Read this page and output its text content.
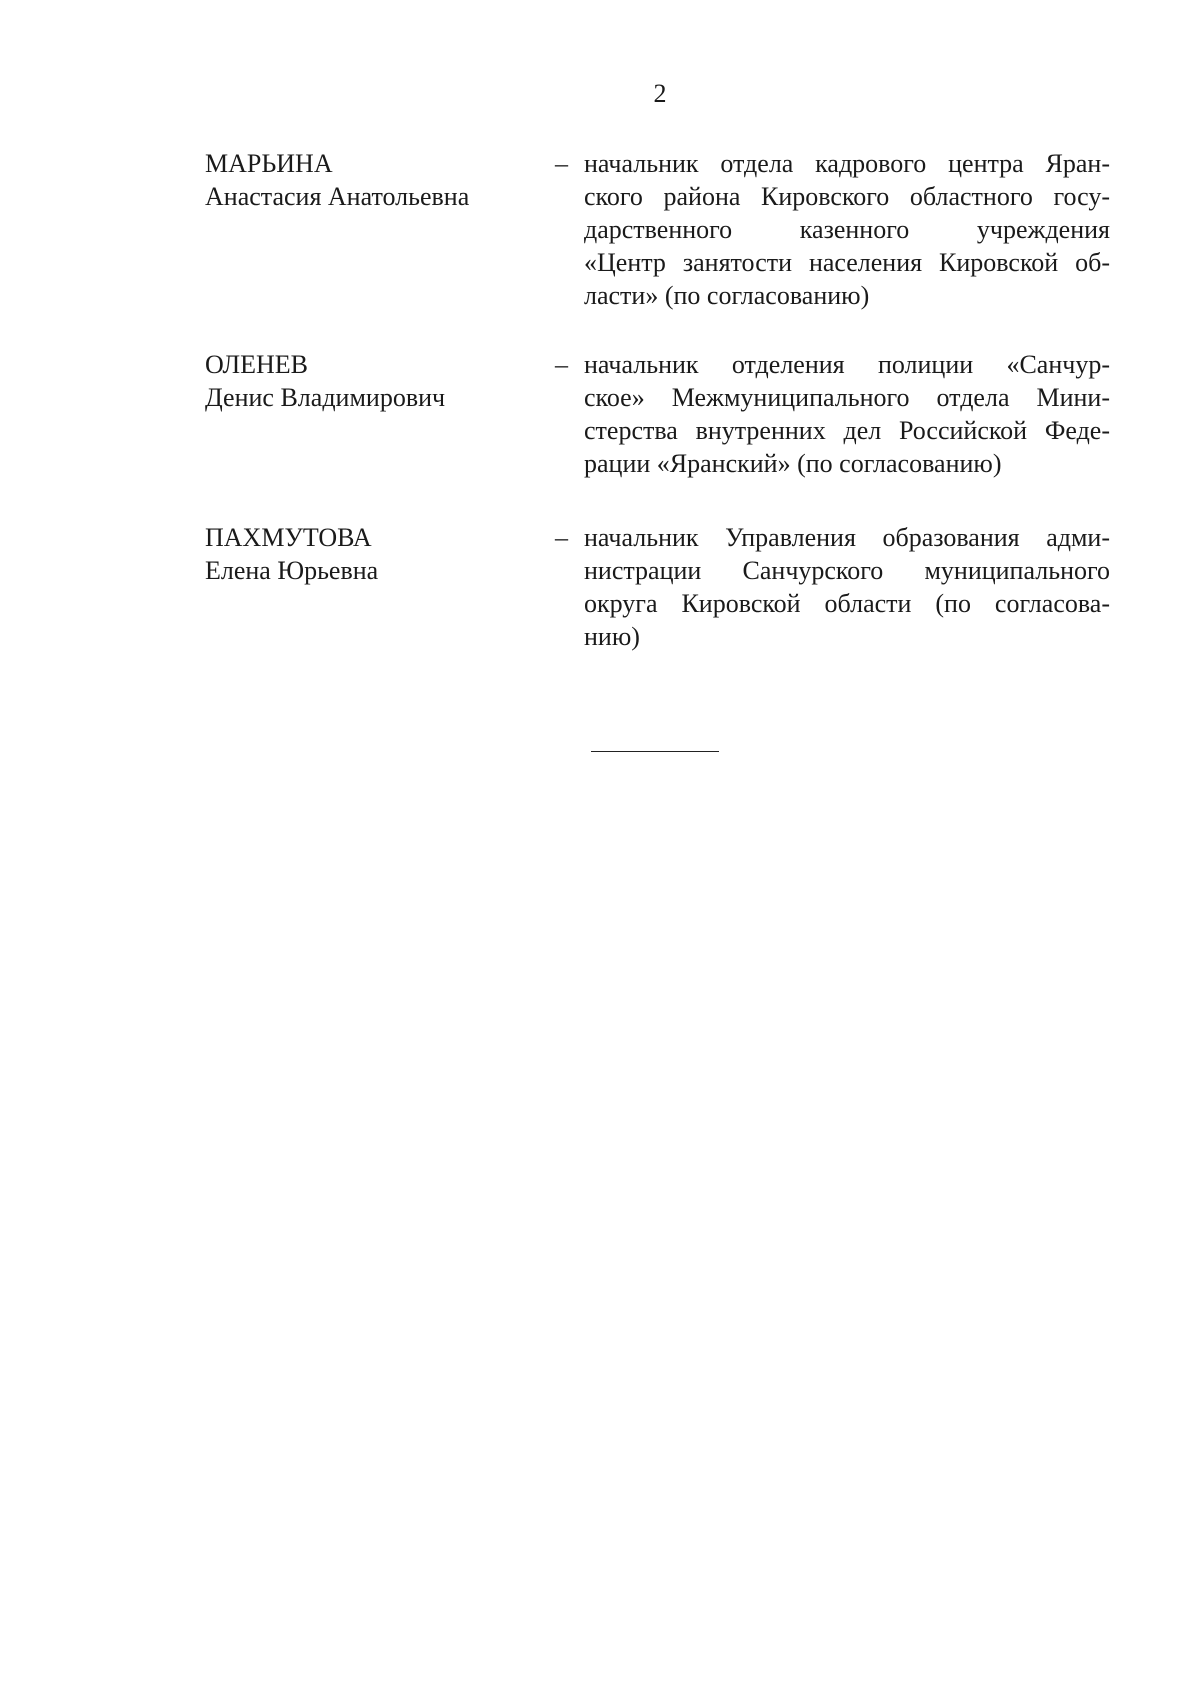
2
МАРЬИНА
Анастасия Анатольевна
– начальник отдела кадрового центра Яран-
ского района Кировского областного госу-
дарственного казенного учреждения
«Центр занятости населения Кировской об-
ласти» (по согласованию)
ОЛЕНЕВ
Денис Владимирович
– начальник отделения полиции «Санчур-
ское» Межмуниципального отдела Мини-
стерства внутренних дел Российской Феде-
рации «Яранский» (по согласованию)
ПАХМУТОВА
Елена Юрьевна
– начальник Управления образования адми-
нистрации Санчурского муниципального
округа Кировской области (по согласова-
нию)
